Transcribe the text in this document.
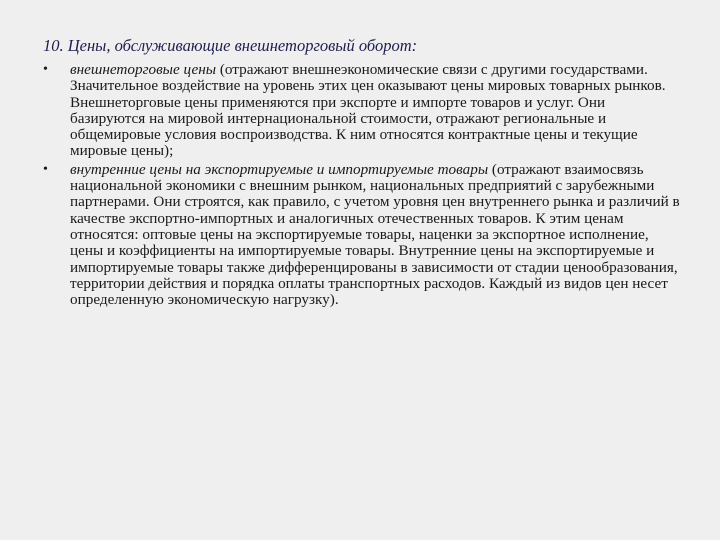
10. Цены, обслуживающие внешнеторговый оборот:
• внешнеторговые цены (отражают внешнеэкономические связи с другими государствами. Значительное воздействие на уровень этих цен оказывают цены мировых товарных рынков. Внешнеторговые цены применяются при экспорте и импорте товаров и услуг. Они базируются на мировой интернациональной стоимости, отражают региональные и общемировые условия воспроизводства. К ним относятся контрактные цены и текущие мировые цены);
• внутренние цены на экспортируемые и импортируемые товары (отражают взаимосвязь национальной экономики с внешним рынком, национальных предприятий с зарубежными партнерами. Они строятся, как правило, с учетом уровня цен внутреннего рынка и различий в качестве экспортно-импортных и аналогичных отечественных товаров. К этим ценам относятся: оптовые цены на экспортируемые товары, наценки за экспортное исполнение, цены и коэффициенты на импортируемые товары. Внутренние цены на экспортируемые и импортируемые товары также дифференцированы в зависимости от стадии ценообразования, территории действия и порядка оплаты транспортных расходов. Каждый из видов цен несет определенную экономическую нагрузку).
